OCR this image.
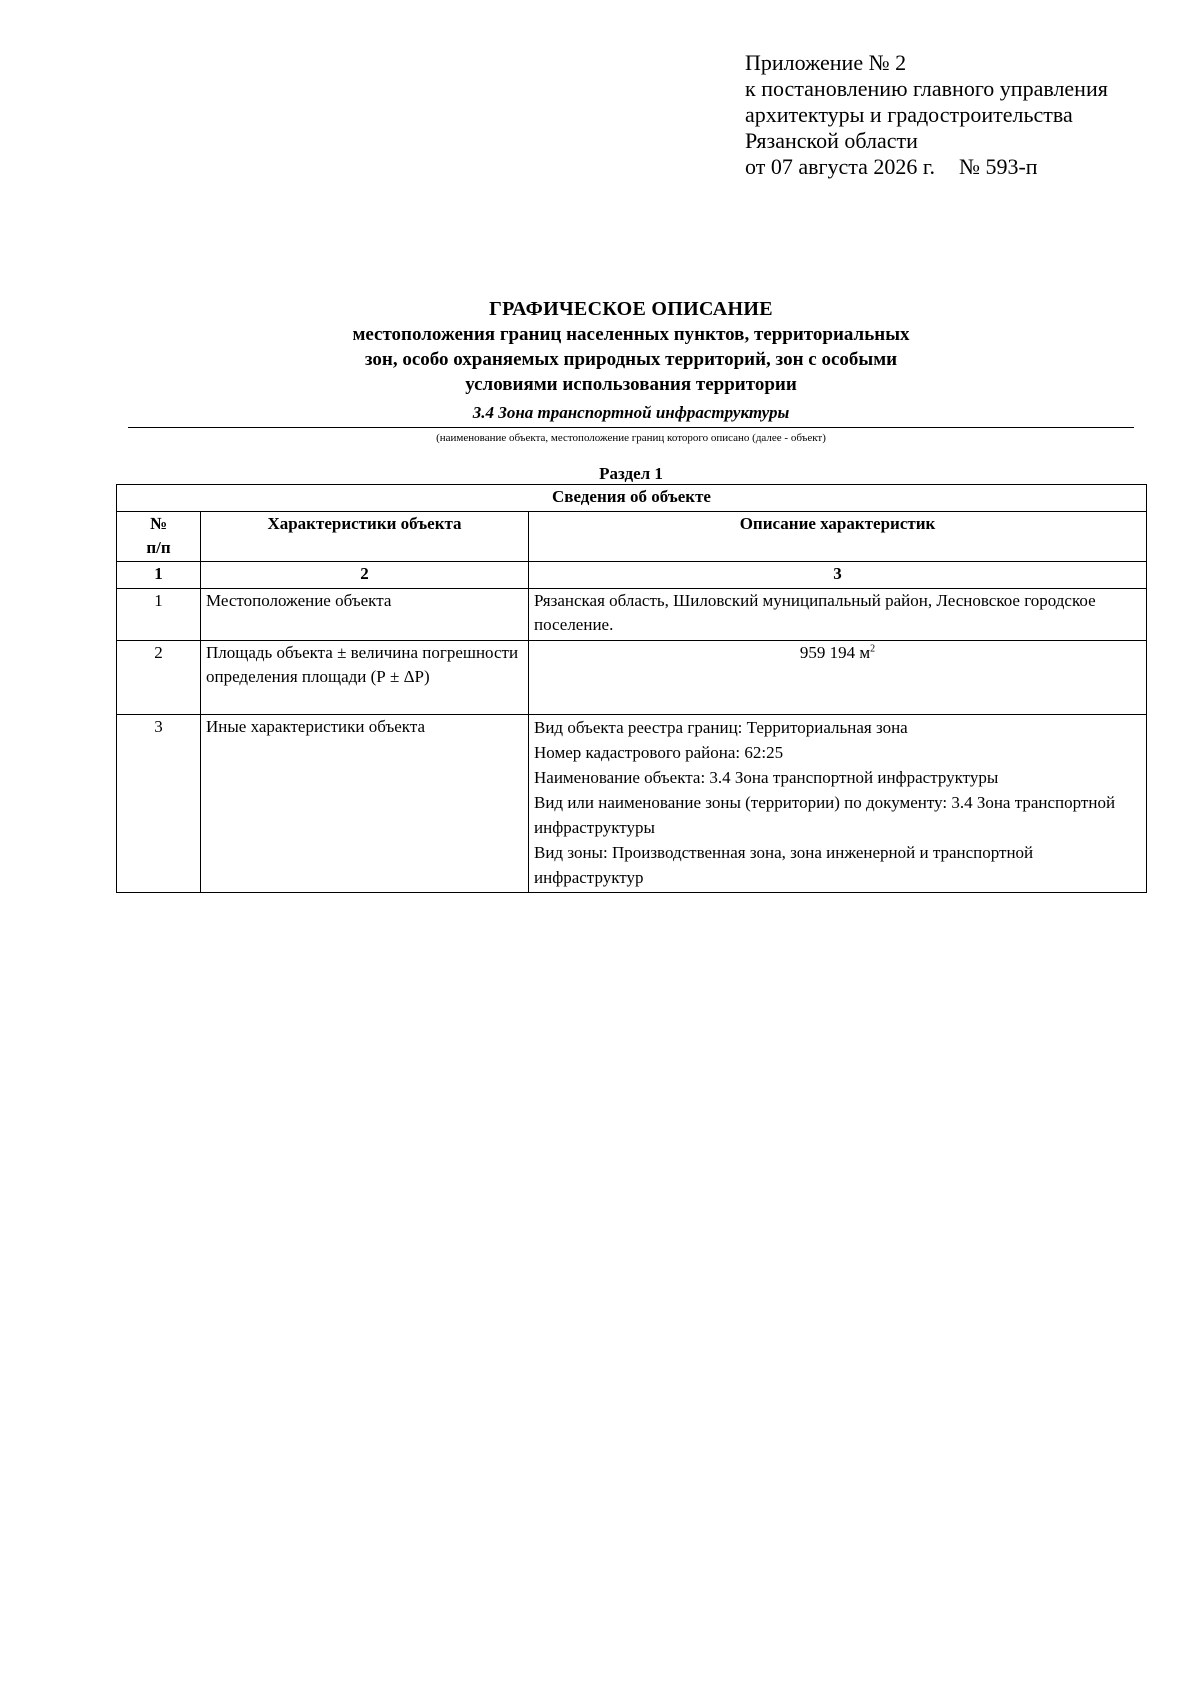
Приложение № 2
к постановлению главного управления
архитектуры и градостроительства
Рязанской области
от 07 августа 2026 г. № 593-п
ГРАФИЧЕСКОЕ ОПИСАНИЕ
местоположения границ населенных пунктов, территориальных
зон, особо охраняемых природных территорий, зон с особыми
условиями использования территории
3.4 Зона транспортной инфраструктуры
(наименование объекта, местоположение границ которого описано (далее - объект)
Раздел 1
Сведения об объекте		

№
п/п	Характеристики объекта	Описание характеристик
1	2	3
1	Местоположение объекта	Рязанская область, Шиловский муниципальный район, Лесновское городское поселение.
2	Площадь объекта ± величина погрешности определения площади (Р ± ΔР)	959 194 $м^2$
3	Иные характеристики объекта	Вид объекта реестра границ: Территориальная зона
Номер кадастрового района: 62:25
Наименование объекта: 3.4 Зона транспортной инфраструктуры
Вид или наименование зоны (территории) по документу: 3.4 Зона транспортной инфраструктуры
Вид зоны: Производственная зона, зона инженерной и транспортной инфраструктур
